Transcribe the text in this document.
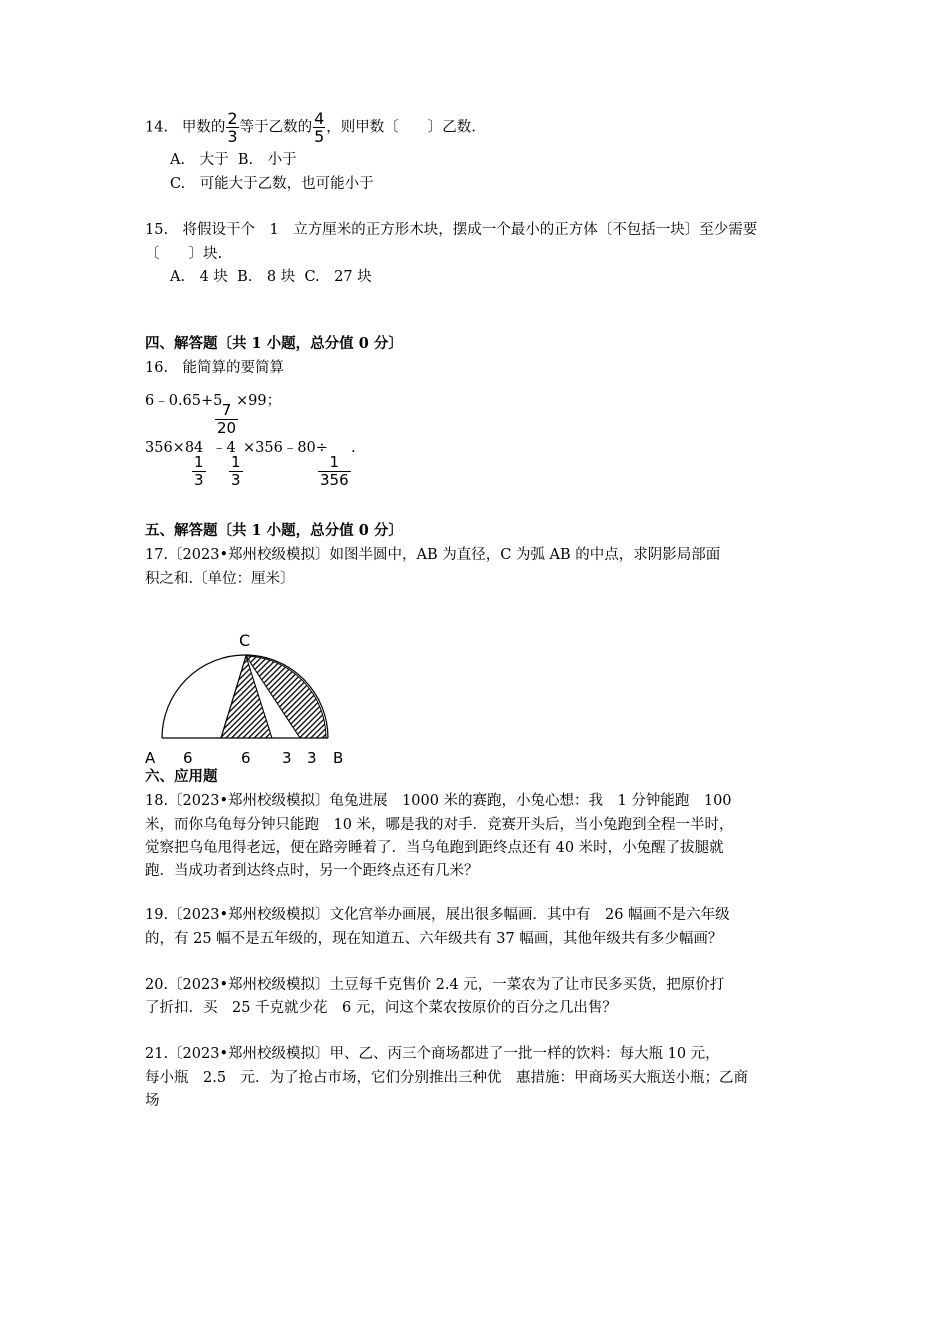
14. 甲数的 $\frac{2}{3}$ 等于乙数的 $\frac{4}{5}$ ，则甲数〔　　〕乙数.
A.　大于 B.　小于
C.　可能大于乙数，也可能小于
15.　将假设干个　1　立方厘米的正方形木块，摆成一个最小的正方体〔不包括一块〕至少需要
〔　　〕块.
A.　4 块 B.　8 块 C.　27 块
四、解答题〔共 1 小题，总分值 0 分〕
16.　能简算的要简算
6﹣0.65+5
$\frac{7}{20}$
×99；
356×84
$\frac{1}{3}$
﹣4
$\frac{1}{3}$
×356﹣80÷
$\frac{1}{356}$
.
五、解答题〔共 1 小题，总分值 0 分〕
17.〔2023•郑州校级模拟〕如图半圆中，AB 为直径，C 为弧 AB 的中点，求阴影局部面
积之和.〔单位：厘米〕
C
A 6	6 3 3 B
六、应用题
18.〔2023•郑州校级模拟〕龟兔进展　1000 米的赛跑，小兔心想：我　1 分钟能跑　100
米，而你乌龟每分钟只能跑　10 米，哪是我的对手．竞赛开头后，当小兔跑到全程一半时，
觉察把乌龟甩得老远，便在路旁睡着了．当乌龟跑到距终点还有 40 米时，小兔醒了拔腿就
跑．当成功者到达终点时，另一个距终点还有几米？
19.〔2023•郑州校级模拟〕文化宫举办画展，展出很多幅画．其中有　26 幅画不是六年级
的，有 25 幅不是五年级的，现在知道五、六年级共有 37 幅画，其他年级共有多少幅画？
20.〔2023•郑州校级模拟〕土豆每千克售价 2.4 元，一菜农为了让市民多买货，把原价打
了折扣．买　25 千克就少花　6 元，问这个菜农按原价的百分之几出售？
21.〔2023•郑州校级模拟〕甲、乙、丙三个商场都进了一批一样的饮料：每大瓶 10 元，
每小瓶　2.5　元．为了抢占市场，它们分别推出三种优　惠措施：甲商场买大瓶送小瓶；乙商
场
